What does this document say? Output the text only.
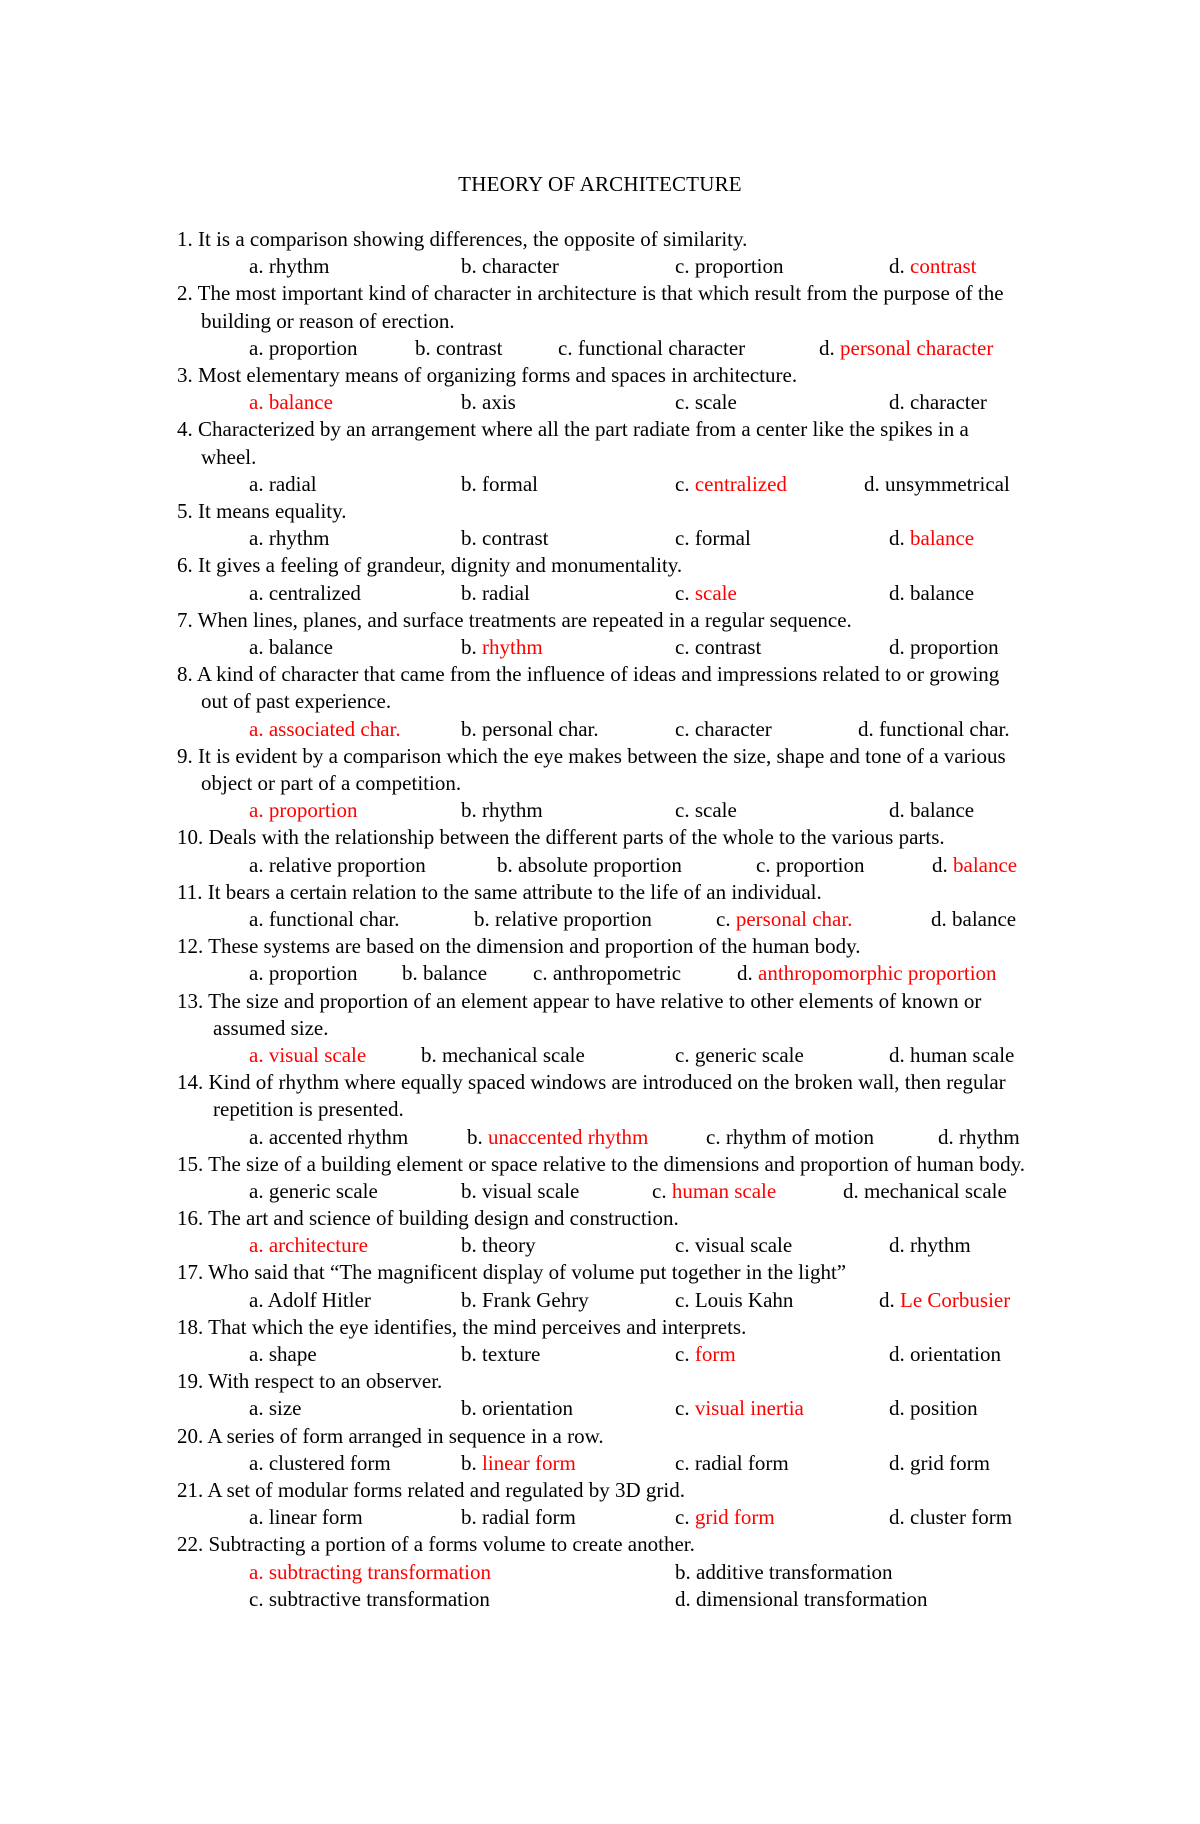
THEORY OF ARCHITECTURE
1. It is a comparison showing differences, the opposite of similarity.
a. rhythm	b. character	c. proportion	d. contrast
2. The most important kind of character in architecture is that which result from the purpose of the building or reason of erection.
a. proportion	b. contrast	c. functional character	d. personal character
3. Most elementary means of organizing forms and spaces in architecture.
a. balance	b. axis	c. scale	d. character
4. Characterized by an arrangement where all the part radiate from a center like the spikes in a wheel.
a. radial	b. formal	c. centralized	d. unsymmetrical
5. It means equality.
a. rhythm	b. contrast	c. formal	d. balance
6. It gives a feeling of grandeur, dignity and monumentality.
a. centralized	b. radial	c. scale	d. balance
7. When lines, planes, and surface treatments are repeated in a regular sequence.
a. balance	b. rhythm	c. contrast	d. proportion
8. A kind of character that came from the influence of ideas and impressions related to or growing out of past experience.
a. associated char.	b. personal char.	c. character	d. functional char.
9. It is evident by a comparison which the eye makes between the size, shape and tone of a various object or part of a competition.
a. proportion	b. rhythm	c. scale	d. balance
10. Deals with the relationship between the different parts of the whole to the various parts.
a. relative proportion	b. absolute proportion	c. proportion	d. balance
11. It bears a certain relation to the same attribute to the life of an individual.
a. functional char.	b. relative proportion	c. personal char.	d. balance
12. These systems are based on the dimension and proportion of the human body.
a. proportion b. balance c. anthropometric	d. anthropomorphic proportion
13. The size and proportion of an element appear to have relative to other elements of known or assumed size.
a. visual scale	b. mechanical scale	c. generic scale	d. human scale
14. Kind of rhythm where equally spaced windows are introduced on the broken wall, then regular repetition is presented.
a. accented rhythm	b. unaccented rhythm	c. rhythm of motion	d. rhythm
15. The size of a building element or space relative to the dimensions and proportion of human body.
a. generic scale	b. visual scale	c. human scale	d. mechanical scale
16. The art and science of building design and construction.
a. architecture	b. theory	c. visual scale	d. rhythm
17. Who said that “The magnificent display of volume put together in the light”
a. Adolf Hitler	b. Frank Gehry	c. Louis Kahn	d. Le Corbusier
18. That which the eye identifies, the mind perceives and interprets.
a. shape	b. texture	c. form	d. orientation
19. With respect to an observer.
a. size	b. orientation	c. visual inertia	d. position
20. A series of form arranged in sequence in a row.
a. clustered form	b. linear form	c. radial form	d. grid form
21. A set of modular forms related and regulated by 3D grid.
a. linear form	b. radial form	c. grid form	d. cluster form
22. Subtracting a portion of a forms volume to create another.
a. subtracting transformation	b. additive transformation
c. subtractive transformation	d. dimensional transformation
